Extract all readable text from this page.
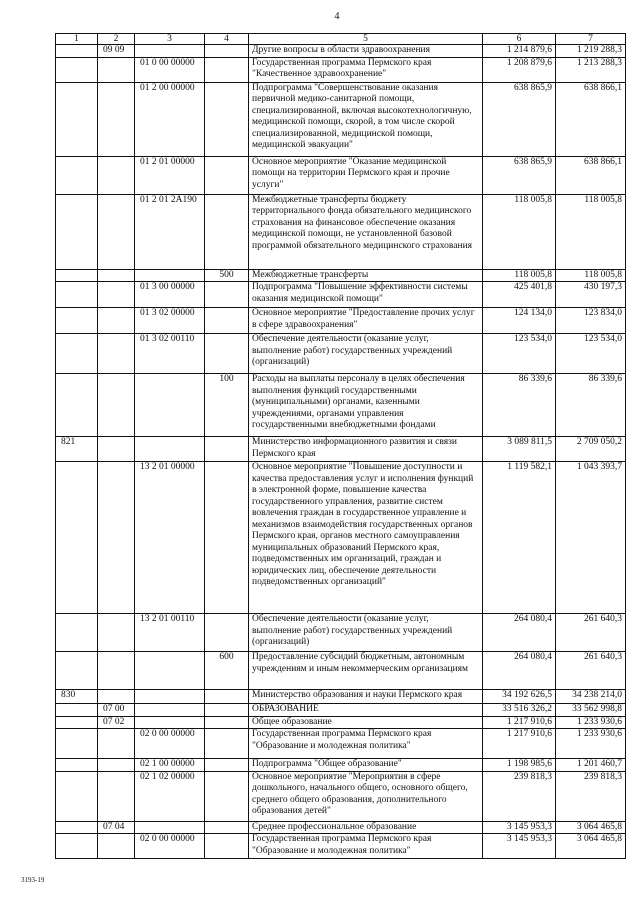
4
1	2	3	4	5	6	7
	09 09			Другие вопросы в области здравоохранения	1 214 879,6	1 219 288,3
		01 0 00 00000		Государственная программа Пермского края "Качественное здравоохранение"	1 208 879,6	1 213 288,3
		01 2 00 00000		Подпрограмма "Совершенствование оказания первичной медико-санитарной помощи, специализированной, включая высокотехнологичную, медицинской помощи, скорой, в том числе скорой специализированной, медицинской помощи, медицинской эвакуации"	638 865,9	638 866,1
		01 2 01 00000		Основное мероприятие "Оказание медицинской помощи на территории Пермского края и прочие услуги"	638 865,9	638 866,1
		01 2 01 2А190		Межбюджетные трансферты бюджету территориального фонда обязательного медицинского страхования на финансовое обеспечение оказания медицинской помощи, не установленной базовой программой обязательного медицинского страхования	118 005,8	118 005,8
			500	Межбюджетные трансферты	118 005,8	118 005,8
		01 3 00 00000		Подпрограмма "Повышение эффективности системы оказания медицинской помощи"	425 401,8	430 197,3
		01 3 02 00000		Основное мероприятие "Предоставление прочих услуг в сфере здравоохранения"	124 134,0	123 834,0
		01 3 02 00110		Обеспечение деятельности (оказание услуг, выполнение работ) государственных учреждений (организаций)	123 534,0	123 534,0
			100	Расходы на выплаты персоналу в целях обеспечения выполнения функций государственными (муниципальными) органами, казенными учреждениями, органами управления государственными внебюджетными фондами	86 339,6	86 339,6
821				Министерство информационного развития и связи Пермского края	3 089 811,5	2 709 050,2
		13 2 01 00000		Основное мероприятие "Повышение доступности и качества предоставления услуг и исполнения функций в электронной форме, повышение качества государственного управления, развитие систем вовлечения граждан в государственное управление и механизмов взаимодействия государственных органов Пермского края, органов местного самоуправления муниципальных образований Пермского края, подведомственных им организаций, граждан и юридических лиц, обеспечение деятельности подведомственных организаций"	1 119 582,1	1 043 393,7
		13 2 01 00110		Обеспечение деятельности (оказание услуг, выполнение работ) государственных учреждений (организаций)	264 080,4	261 640,3
			600	Предоставление субсидий бюджетным, автономным учреждениям и иным некоммерческим организациям	264 080,4	261 640,3
830				Министерство образования и науки Пермского края	34 192 626,5	34 238 214,0
	07 00			ОБРАЗОВАНИЕ	33 516 326,2	33 562 998,8
	07 02			Общее образование	1 217 910,6	1 233 930,6
		02 0 00 00000		Государственная программа Пермского края "Образование и молодежная политика"	1 217 910,6	1 233 930,6
		02 1 00 00000		Подпрограмма "Общее образование"	1 198 985,6	1 201 460,7
		02 1 02 00000		Основное мероприятие "Мероприятия в сфере дошкольного, начального общего, основного общего, среднего общего образования, дополнительного образования детей"	239 818,3	239 818,3
	07 04			Среднее профессиональное образование	3 145 953,3	3 064 465,8
		02 0 00 00000		Государственная программа Пермского края "Образование и молодежная политика"	3 145 953,3	3 064 465,8
3193-19
